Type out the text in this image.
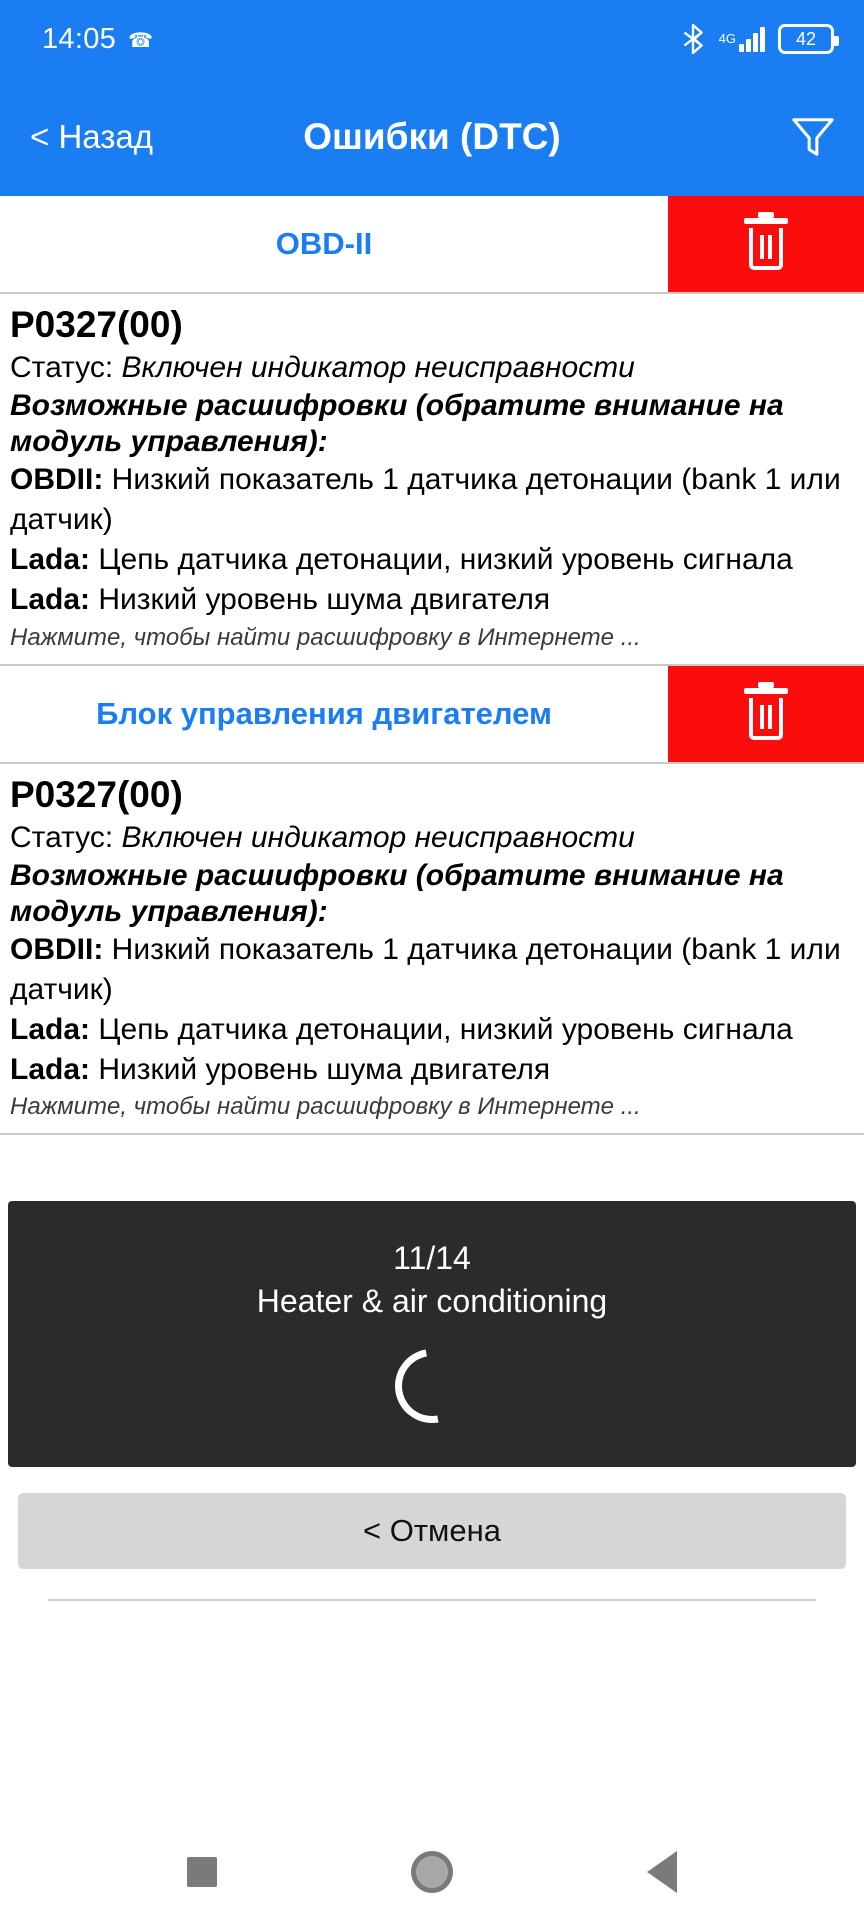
14:05 ☎	4G	42
< Назад	Ошибки (DTC)
OBD-II
P0327(00)
Статус: Включен индикатор неисправности
Возможные расшифровки (обратите внимание на модуль управления):
OBDII: Низкий показатель 1 датчика детонации (bank 1 или датчик)
Lada: Цепь датчика детонации, низкий уровень сигнала
Lada: Низкий уровень шума двигателя
Нажмите, чтобы найти расшифровку в Интернете ...
Блок управления двигателем
P0327(00)
Статус: Включен индикатор неисправности
Возможные расшифровки (обратите внимание на модуль управления):
OBDII: Низкий показатель 1 датчика детонации (bank 1 или датчик)
Lada: Цепь датчика детонации, низкий уровень сигнала
Lada: Низкий уровень шума двигателя
Нажмите, чтобы найти расшифровку в Интернете ...
11/14
Heater & air conditioning
< Отмена
